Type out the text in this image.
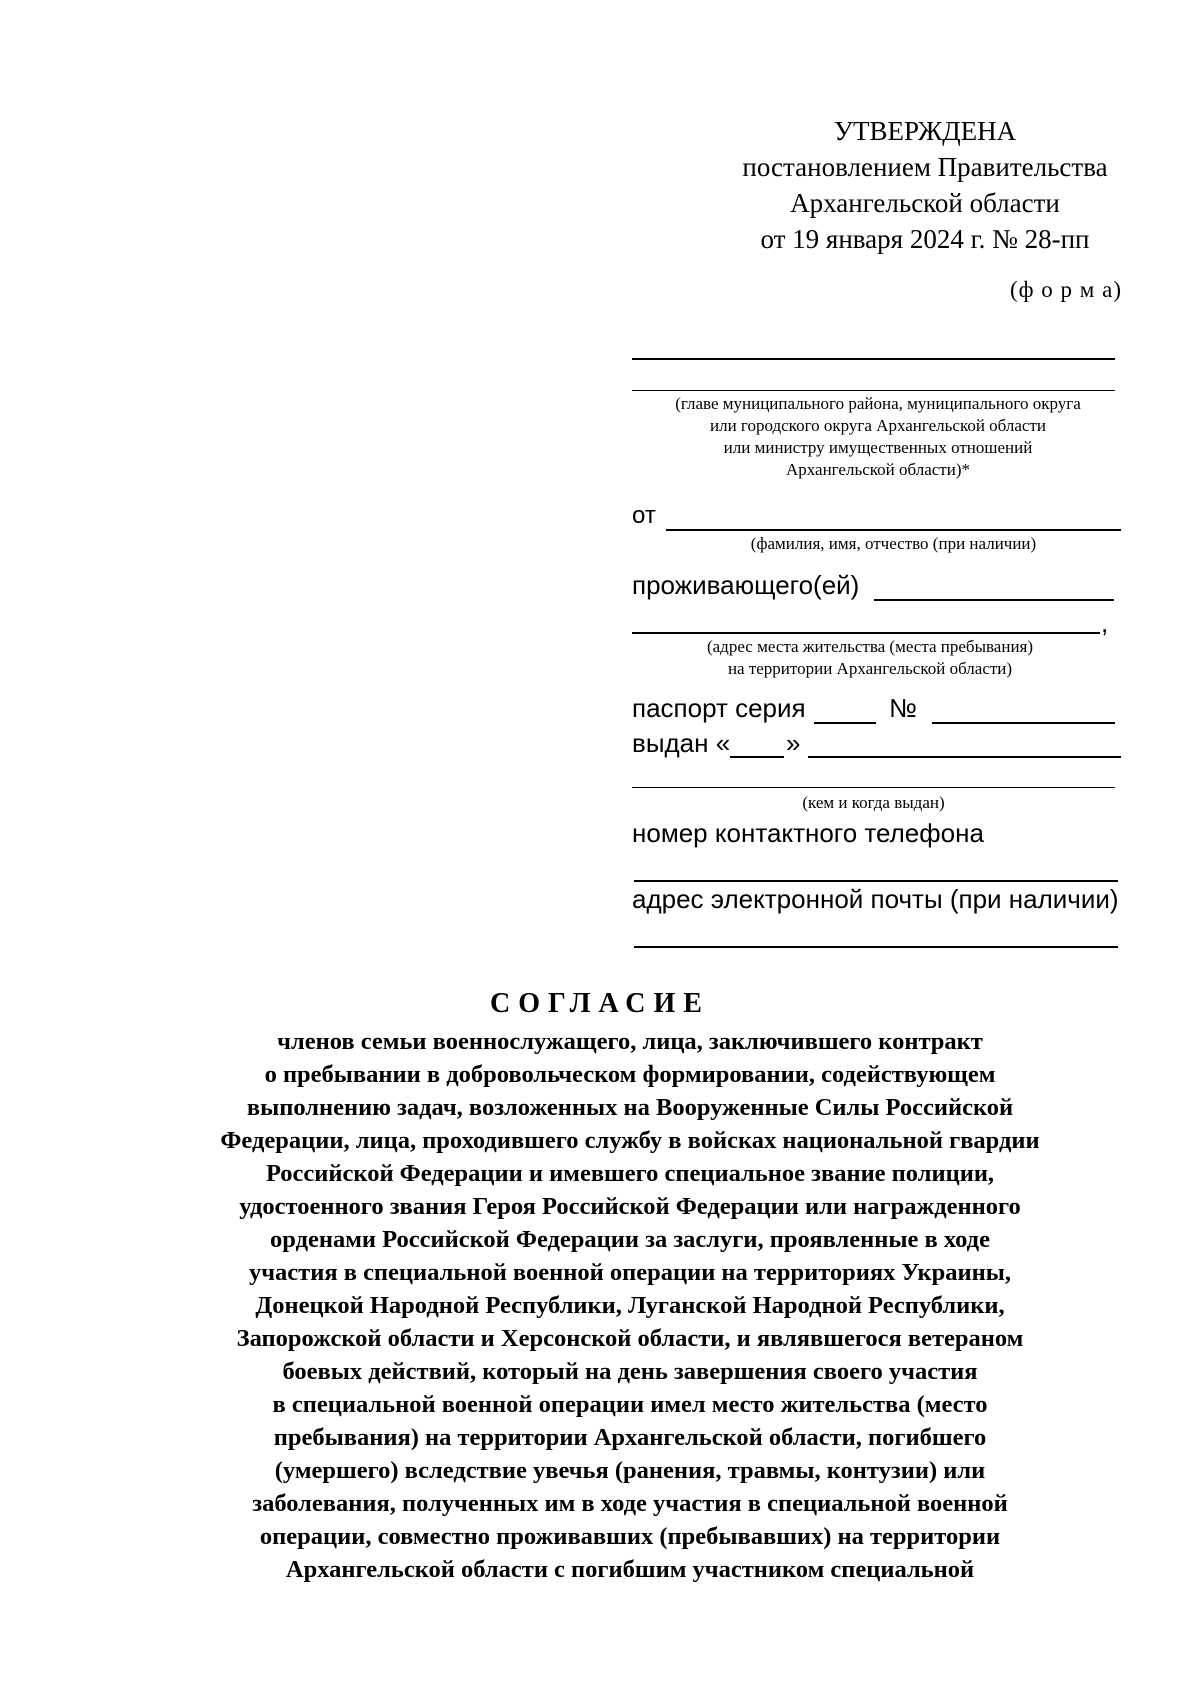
УТВЕРЖДЕНА
постановлением Правительства
Архангельской области
от 19 января 2024 г. № 28-пп
(ф о р м а)
(главе муниципального района, муниципального округа
или городского округа Архангельской области
или министру имущественных отношений
Архангельской области)*
от
(фамилия, имя, отчество (при наличии)
проживающего(ей)
,
(адрес места жительства (места пребывания)
на территории Архангельской области)
паспорт серия	№
выдан « »
(кем и когда выдан)
номер контактного телефона
адрес электронной почты (при наличии)
СОГЛАСИЕ
членов семьи военнослужащего, лица, заключившего контракт
о пребывании в добровольческом формировании, содействующем
выполнению задач, возложенных на Вооруженные Силы Российской
Федерации, лица, проходившего службу в войсках национальной гвардии
Российской Федерации и имевшего специальное звание полиции,
удостоенного звания Героя Российской Федерации или награжденного
орденами Российской Федерации за заслуги, проявленные в ходе
участия в специальной военной операции на территориях Украины,
Донецкой Народной Республики, Луганской Народной Республики,
Запорожской области и Херсонской области, и являвшегося ветераном
боевых действий, который на день завершения своего участия
в специальной военной операции имел место жительства (место
пребывания) на территории Архангельской области, погибшего
(умершего) вследствие увечья (ранения, травмы, контузии) или
заболевания, полученных им в ходе участия в специальной военной
операции, совместно проживавших (пребывавших) на территории
Архангельской области с погибшим участником специальной
